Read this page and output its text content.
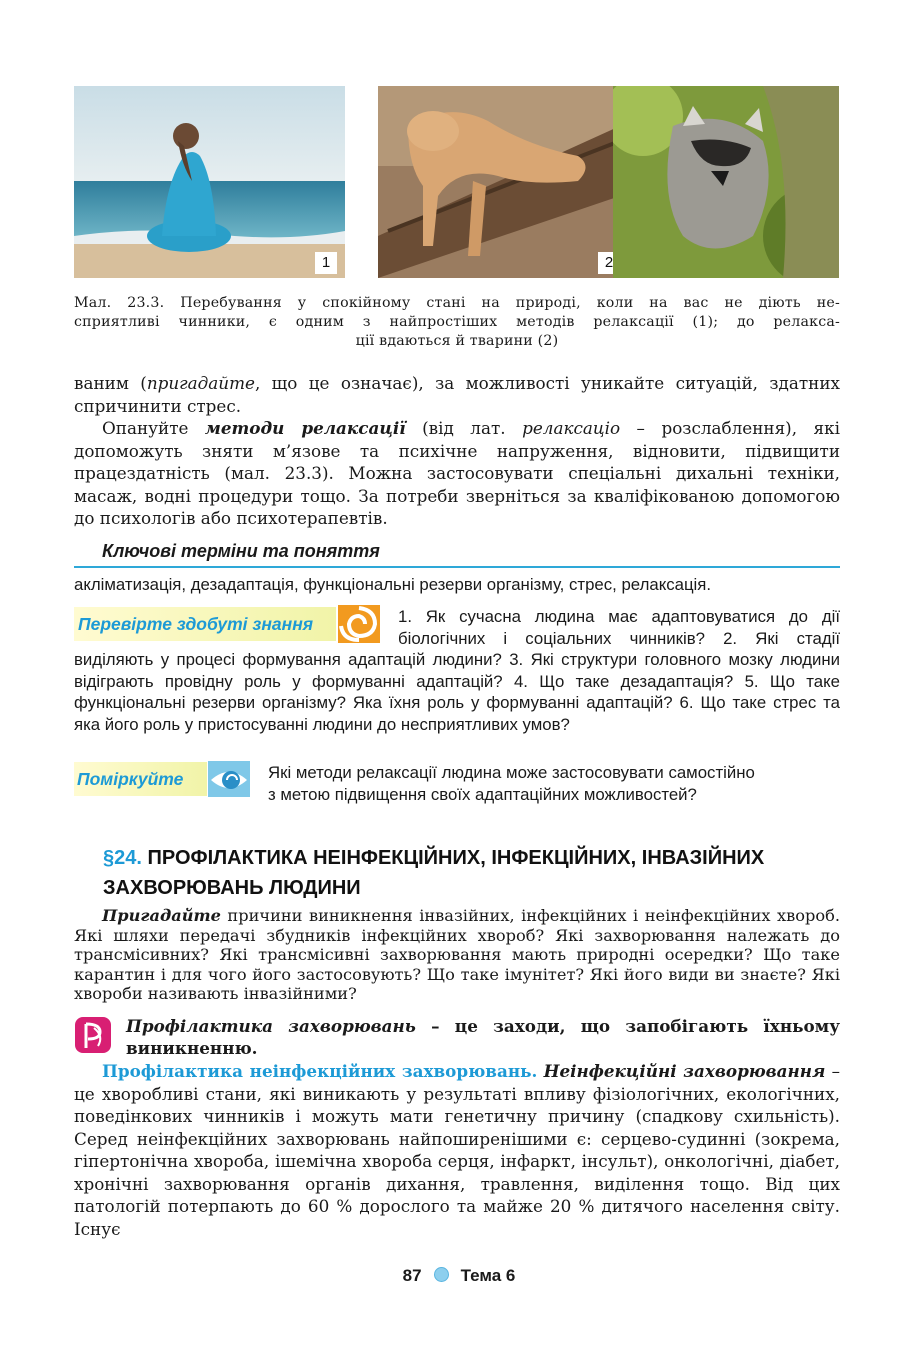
1	2
Мал. 23.3. Перебування у спокійному стані на природі, коли на вас не діють не-
сприятливі чинники, є одним з найпростіших методів релаксації (1); до релакса-
ції вдаються й тварини (2)

ваним (пригадайте, що це означає), за можливості уникайте ситуацій, здатних спричинити стрес.

Опануйте методи релаксації (від лат. релаксаціо – розслаблення), які допоможуть зняти м’язове та психічне напруження, відновити, підвищити працездатність (мал. 23.3). Можна застосовувати спеціальні дихальні техніки, масаж, водні процедури тощо. За потреби зверніться за кваліфікованою допомогою до психологів або психотерапевтів.

Ключові терміни та поняття
акліматизація, дезадаптація, функціональні резерви організму, стрес, релаксація.
Перевірте здобуті знання	1. Як сучасна людина має адаптовуватися до дії
біологічних і соціальних чинників? 2. Які стадії
виділяють у процесі формування адаптацій людини? 3. Які структури головного мозку людини відіграють провідну роль у формуванні адаптацій? 4. Що таке дезадаптація? 5. Що таке функціональні резерви організму? Яка їхня роль у формуванні адаптацій? 6. Що таке стрес та яка його роль у пристосуванні людини до несприятливих умов?
Поміркуйте	Які методи релаксації людина може застосовувати самостійно
з метою підвищення своїх адаптаційних можливостей?
§24. ПРОФІЛАКТИКА НЕІНФЕКЦІЙНИХ, ІНФЕКЦІЙНИХ, ІНВАЗІЙНИХ
ЗАХВОРЮВАНЬ ЛЮДИНИ

Пригадайте причини виникнення інвазійних, інфекційних і неінфекційних хвороб. Які шляхи передачі збудників інфекційних хвороб? Які захворювання належать до трансмісивних? Які трансмісивні захворювання мають природні осередки? Що таке карантин і для чого його застосовують? Що таке імунітет? Які його види ви знаєте? Які хвороби називають інвазійними?

Профілактика захворювань – це заходи, що запобігають їхньому виникненню.

Профілактика неінфекційних захворювань. Неінфекційні захворювання – це хворобливі стани, які виникають у результаті впливу фізіологічних, екологічних, поведінкових чинників і можуть мати генетичну причину (спадкову схильність). Серед неінфекційних захворювань найпоширенішими є: серцево-судинні (зокрема, гіпертонічна хвороба, ішемічна хвороба серця, інфаркт, інсульт), онкологічні, діабет, хронічні захворювання органів дихання, травлення, виділення тощо. Від цих патологій потерпають до 60 % дорослого та майже 20 % дитячого населення світу. Існує

87 Тема 6
